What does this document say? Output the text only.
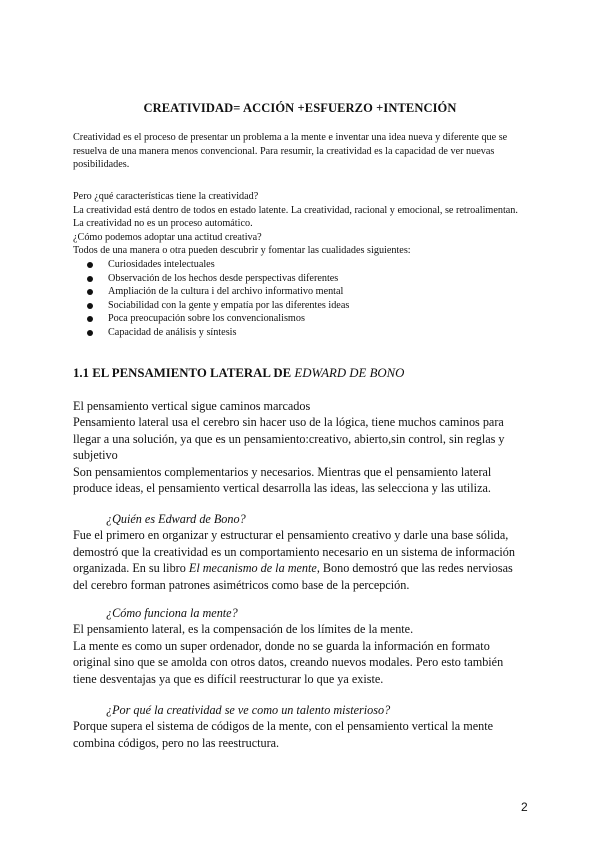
CREATIVIDAD= ACCIÓN +ESFUERZO +INTENCIÓN

Creatividad es el proceso de presentar un problema a la mente e inventar una idea nueva y diferente que se resuelva de una manera menos convencional. Para resumir, la creatividad es la capacidad de ver nuevas posibilidades.

Pero ¿qué características tiene la creatividad?

La creatividad está dentro de todos en estado latente. La creatividad, racional y emocional, se retroalimentan. La creatividad no es un proceso automático.

¿Cómo podemos adoptar una actitud creativa?

Todos de una manera o otra pueden descubrir y fomentar las cualidades siguientes:

Curiosidades intelectuales
Observación de los hechos desde perspectivas diferentes
Ampliación de la cultura i del archivo informativo mental
Sociabilidad con la gente y empatía por las diferentes ideas
Poca preocupación sobre los convencionalismos
Capacidad de análisis y síntesis
1.1 EL PENSAMIENTO LATERAL DE EDWARD DE BONO

El pensamiento vertical sigue caminos marcados

Pensamiento lateral usa el cerebro sin hacer uso de la lógica, tiene muchos caminos para llegar a una solución, ya que es un pensamiento:creativo, abierto,sin control, sin reglas y subjetivo

Son pensamientos complementarios y necesarios. Mientras que el pensamiento lateral produce ideas, el pensamiento vertical desarrolla las ideas, las selecciona y las utiliza.

¿Quién es Edward de Bono?

Fue el primero en organizar y estructurar el pensamiento creativo y darle una base sólida, demostró que la creatividad es un comportamiento necesario en un sistema de información organizada. En su libro El mecanismo de la mente, Bono demostró que las redes nerviosas del cerebro forman patrones asimétricos como base de la percepción.

¿Cómo funciona la mente?

El pensamiento lateral, es la compensación de los límites de la mente.

La mente es como un super ordenador, donde no se guarda la información en formato original sino que se amolda con otros datos, creando nuevos modales. Pero esto también tiene desventajas ya que es difícil reestructurar lo que ya existe.

¿Por qué la creatividad se ve como un talento misterioso?

Porque supera el sistema de códigos de la mente, con el pensamiento vertical la mente combina códigos, pero no las reestructura.

2
